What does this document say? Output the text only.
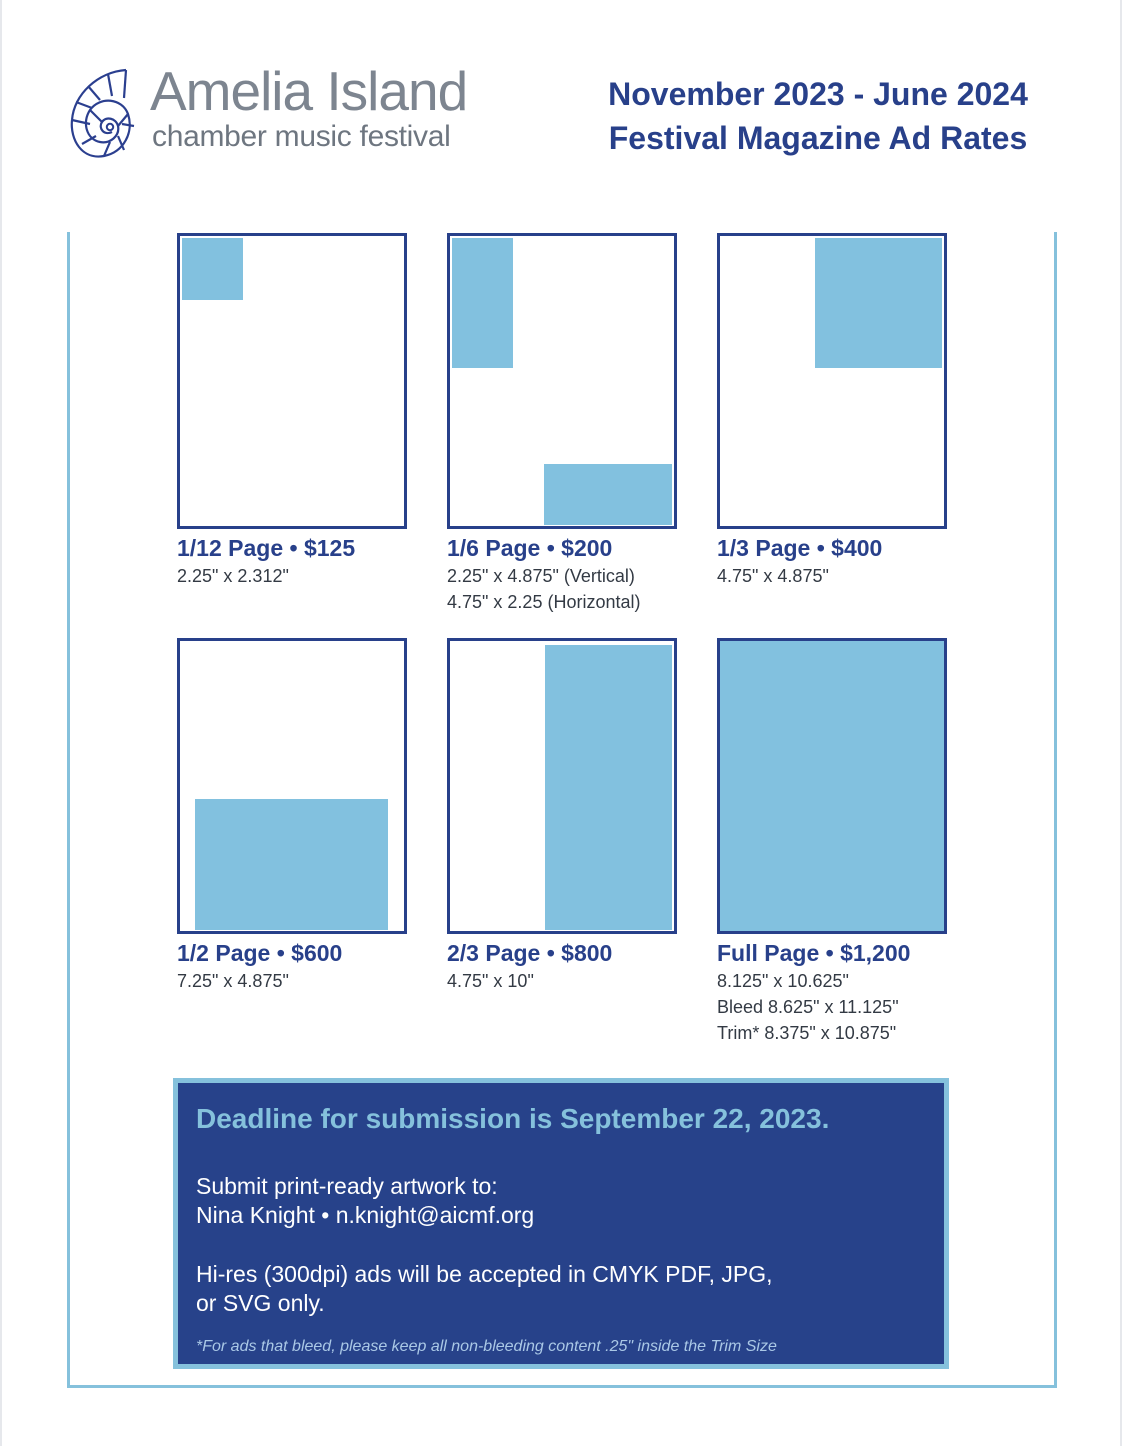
Amelia Island
chamber music festival
November 2023 - June 2024
Festival Magazine Ad Rates
1/12 Page • $125
2.25" x 2.312"
1/6 Page • $200
2.25" x 4.875" (Vertical)
4.75" x 2.25 (Horizontal)
1/3 Page • $400
4.75" x 4.875"
1/2 Page • $600
7.25" x 4.875"
2/3 Page • $800
4.75" x 10"
Full Page • $1,200
8.125" x 10.625"
Bleed 8.625" x 11.125"
Trim* 8.375" x 10.875"
Deadline for submission is September 22, 2023.
Submit print-ready artwork to:
Nina Knight • n.knight@aicmf.org
Hi-res (300dpi) ads will be accepted in CMYK PDF, JPG,
or SVG only.
*For ads that bleed, please keep all non-bleeding content .25" inside the Trim Size
